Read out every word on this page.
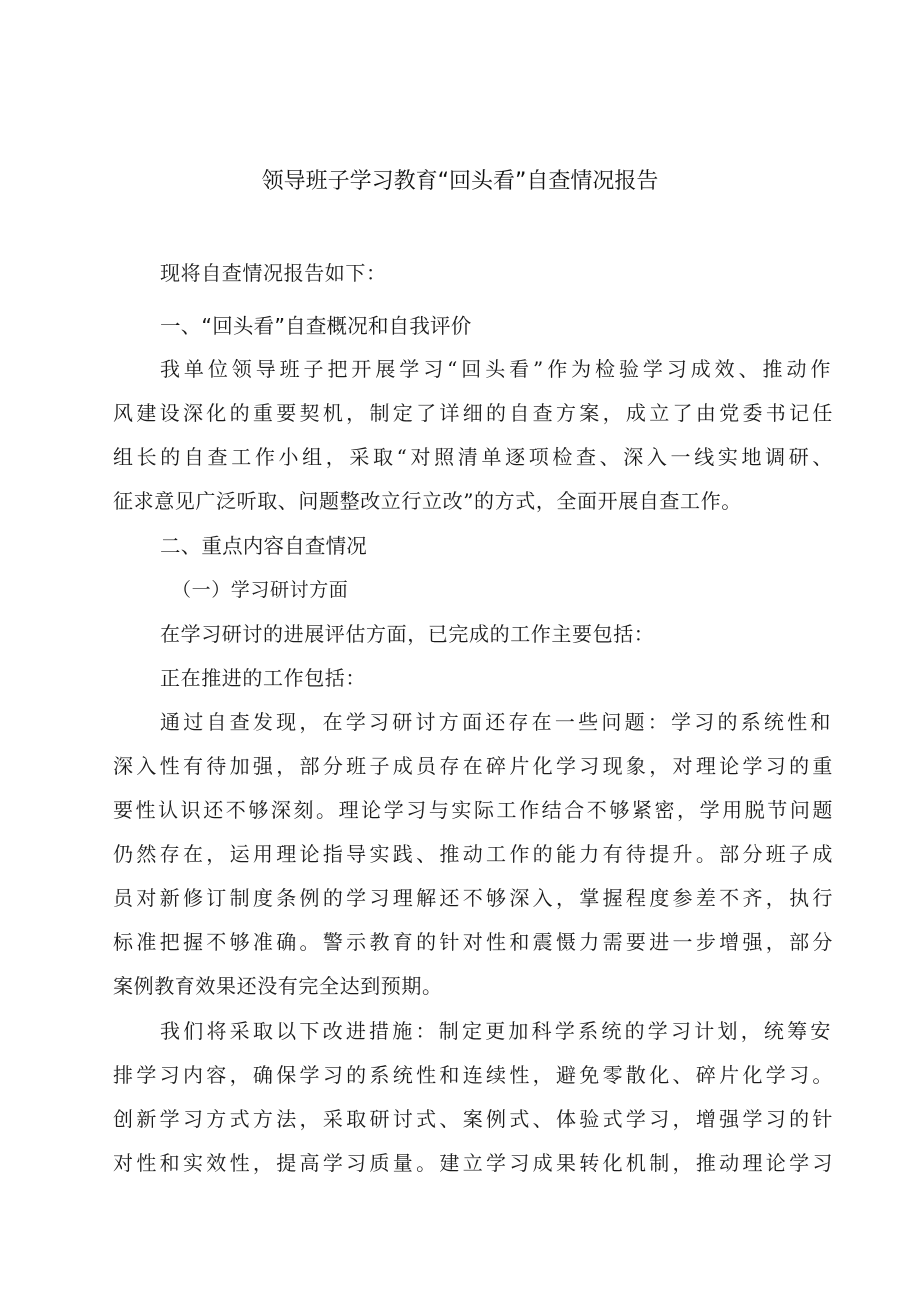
领导班子学习教育“回头看”自查情况报告
现将自查情况报告如下：
一、“回头看”自查概况和自我评价
我单位领导班子把开展学习“回头看”作为检验学习成效、推动作
风建设深化的重要契机，制定了详细的自查方案，成立了由党委书记任
组长的自查工作小组，采取“对照清单逐项检查、深入一线实地调研、
征求意见广泛听取、问题整改立行立改”的方式，全面开展自查工作。
二、重点内容自查情况
（一）学习研讨方面
在学习研讨的进展评估方面，已完成的工作主要包括：
正在推进的工作包括：
通过自查发现，在学习研讨方面还存在一些问题：学习的系统性和
深入性有待加强，部分班子成员存在碎片化学习现象，对理论学习的重
要性认识还不够深刻。理论学习与实际工作结合不够紧密，学用脱节问题
仍然存在，运用理论指导实践、推动工作的能力有待提升。部分班子成
员对新修订制度条例的学习理解还不够深入，掌握程度参差不齐，执行
标准把握不够准确。警示教育的针对性和震慑力需要进一步增强，部分
案例教育效果还没有完全达到预期。
我们将采取以下改进措施：制定更加科学系统的学习计划，统筹安
排学习内容，确保学习的系统性和连续性，避免零散化、碎片化学习。
创新学习方式方法，采取研讨式、案例式、体验式学习，增强学习的针
对性和实效性，提高学习质量。建立学习成果转化机制，推动理论学习
